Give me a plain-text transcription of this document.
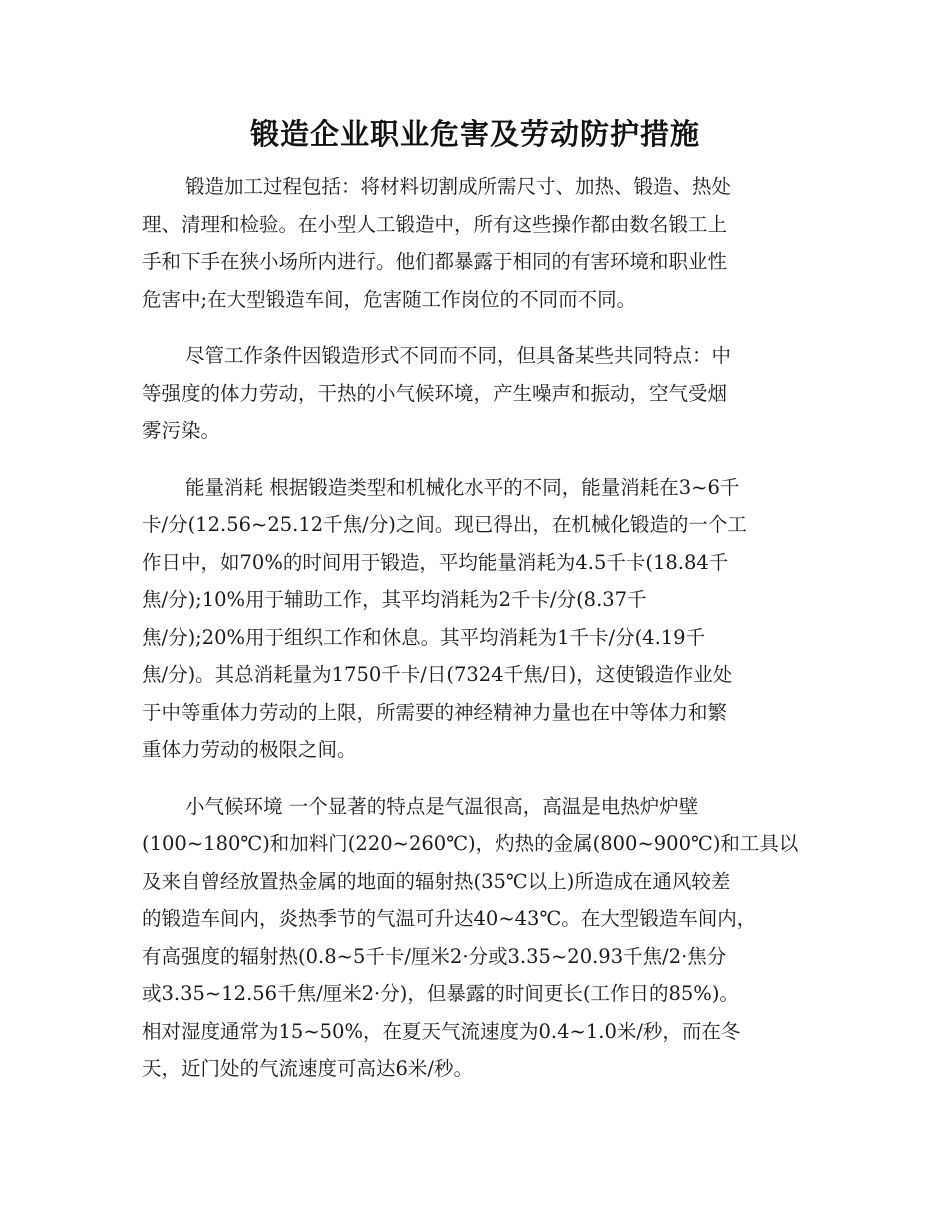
锻造企业职业危害及劳动防护措施
锻造加工过程包括：将材料切割成所需尺寸、加热、锻造、热处
理、清理和检验。在小型人工锻造中，所有这些操作都由数名锻工上
手和下手在狭小场所内进行。他们都暴露于相同的有害环境和职业性
危害中;在大型锻造车间，危害随工作岗位的不同而不同。
尽管工作条件因锻造形式不同而不同，但具备某些共同特点：中
等强度的体力劳动，干热的小气候环境，产生噪声和振动，空气受烟
雾污染。
能量消耗 根据锻造类型和机械化水平的不同，能量消耗在3~6千
卡/分(12.56~25.12千焦/分)之间。现已得出，在机械化锻造的一个工
作日中，如70%的时间用于锻造，平均能量消耗为4.5千卡(18.84千
焦/分);10%用于辅助工作，其平均消耗为2千卡/分(8.37千
焦/分);20%用于组织工作和休息。其平均消耗为1千卡/分(4.19千
焦/分)。其总消耗量为1750千卡/日(7324千焦/日)，这使锻造作业处
于中等重体力劳动的上限，所需要的神经精神力量也在中等体力和繁
重体力劳动的极限之间。
小气候环境 一个显著的特点是气温很高，高温是电热炉炉壁
(100~180℃)和加料门(220~260℃)，灼热的金属(800~900℃)和工具以
及来自曾经放置热金属的地面的辐射热(35℃以上)所造成在通风较差
的锻造车间内，炎热季节的气温可升达40~43℃。在大型锻造车间内，
有高强度的辐射热(0.8~5千卡/厘米2·分或3.35~20.93千焦/2·焦分
或3.35~12.56千焦/厘米2·分)，但暴露的时间更长(工作日的85%)。
相对湿度通常为15~50%，在夏天气流速度为0.4~1.0米/秒，而在冬
天，近门处的气流速度可高达6米/秒。
